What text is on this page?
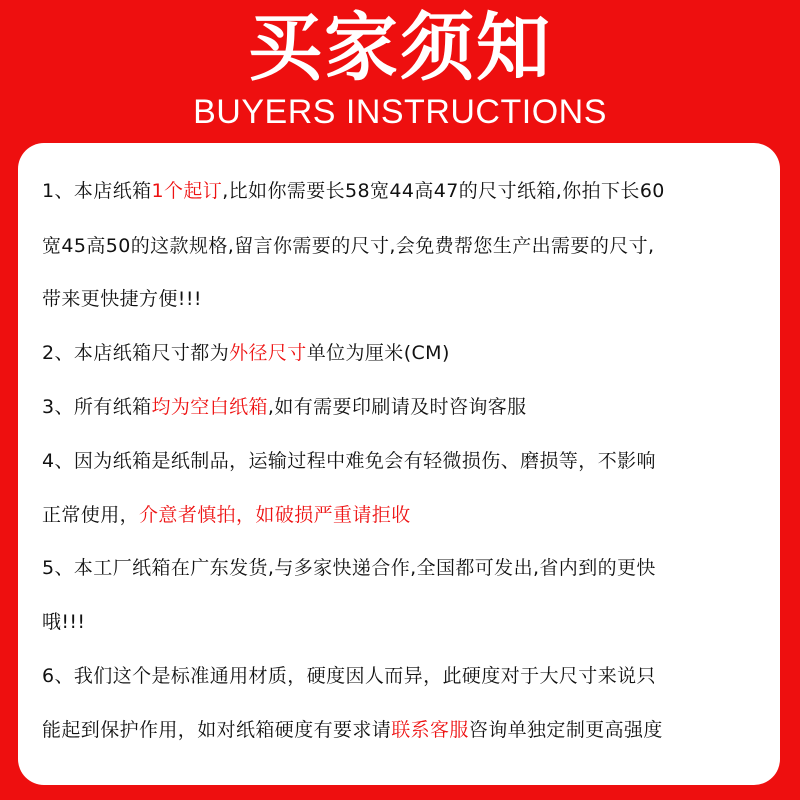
买家须知
BUYERS INSTRUCTIONS

1、本店纸箱1个起订,比如你需要长58宽44高47的尺寸纸箱,你拍下长60

宽45高50的这款规格,留言你需要的尺寸,会免费帮您生产出需要的尺寸,

带来更快捷方便!!!

2、本店纸箱尺寸都为外径尺寸单位为厘米(CM)

3、所有纸箱均为空白纸箱,如有需要印刷请及时咨询客服

4、因为纸箱是纸制品，运输过程中难免会有轻微损伤、磨损等，不影响

正常使用，介意者慎拍，如破损严重请拒收

5、本工厂纸箱在广东发货,与多家快递合作,全国都可发出,省内到的更快

哦!!!

6、我们这个是标准通用材质，硬度因人而异，此硬度对于大尺寸来说只

能起到保护作用，如对纸箱硬度有要求请联系客服咨询单独定制更高强度
